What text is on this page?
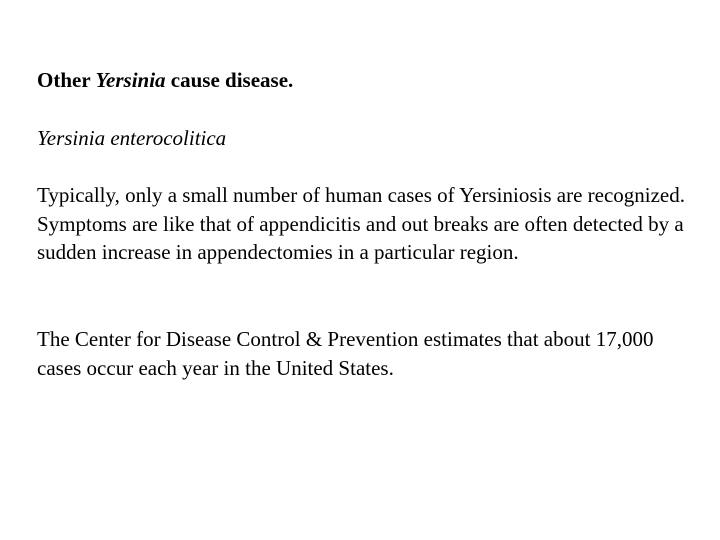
Other Yersinia cause disease.

Yersinia enterocolitica

Typically, only a small number of human cases of Yersiniosis are recognized. Symptoms are like that of appendicitis and out breaks are often detected by a sudden increase in appendectomies in a particular region.

The Center for Disease Control & Prevention estimates that about 17,000 cases occur each year in the United States.
